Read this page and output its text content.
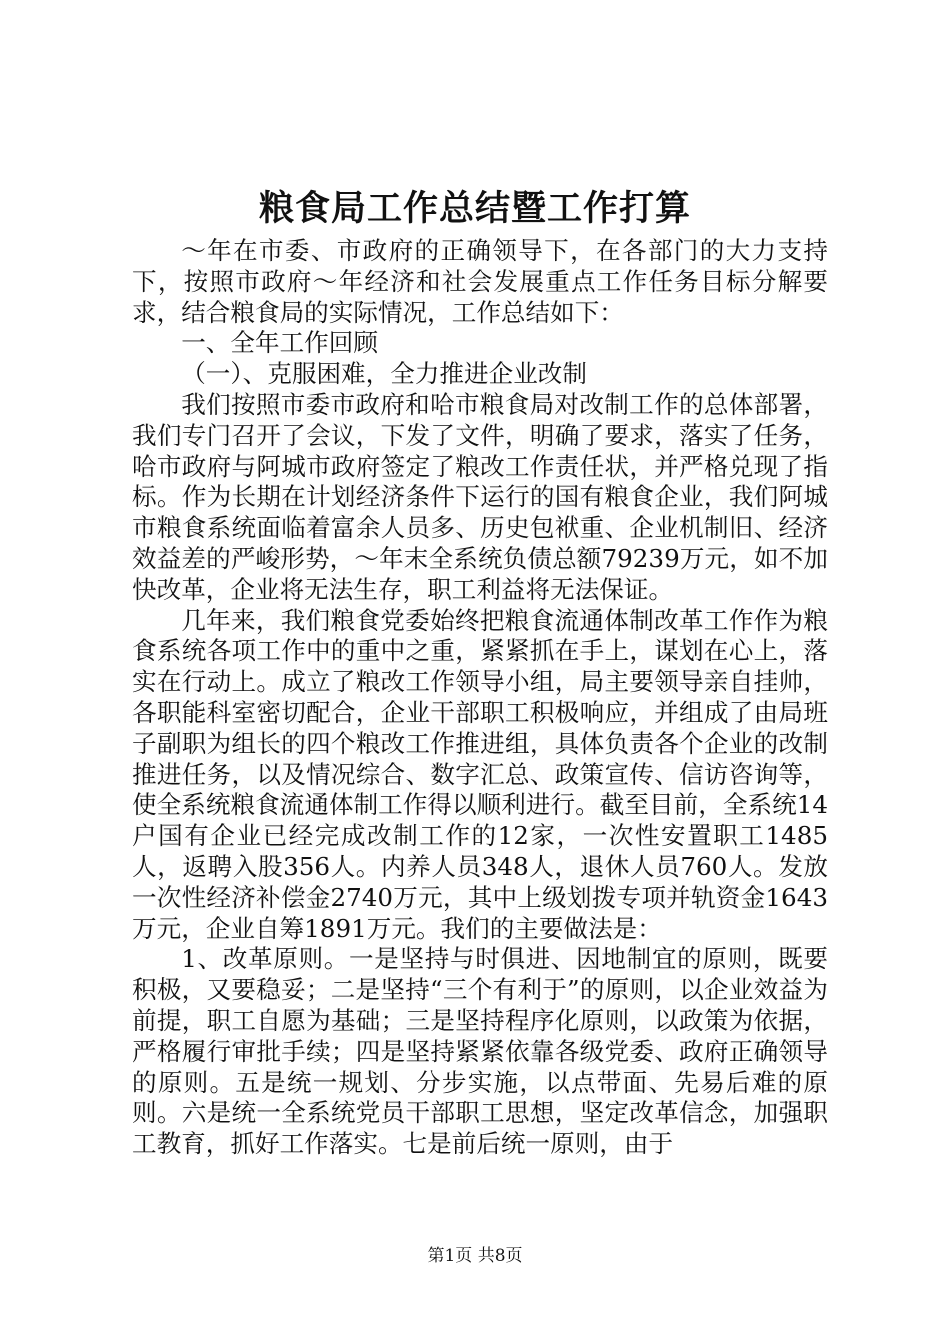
粮食局工作总结暨工作打算

～年在市委、市政府的正确领导下，在各部门的大力支持下，按照市政府～年经济和社会发展重点工作任务目标分解要求，结合粮食局的实际情况，工作总结如下：

一、全年工作回顾

（一）、克服困难，全力推进企业改制

我们按照市委市政府和哈市粮食局对改制工作的总体部署，我们专门召开了会议，下发了文件，明确了要求，落实了任务，哈市政府与阿城市政府签定了粮改工作责任状，并严格兑现了指标。作为长期在计划经济条件下运行的国有粮食企业，我们阿城市粮食系统面临着富余人员多、历史包袱重、企业机制旧、经济效益差的严峻形势，～年末全系统负债总额79239万元，如不加快改革，企业将无法生存，职工利益将无法保证。

几年来，我们粮食党委始终把粮食流通体制改革工作作为粮食系统各项工作中的重中之重，紧紧抓在手上，谋划在心上，落实在行动上。成立了粮改工作领导小组，局主要领导亲自挂帅，各职能科室密切配合，企业干部职工积极响应，并组成了由局班子副职为组长的四个粮改工作推进组，具体负责各个企业的改制推进任务，以及情况综合、数字汇总、政策宣传、信访咨询等，使全系统粮食流通体制工作得以顺利进行。截至目前，全系统14户国有企业已经完成改制工作的12家，一次性安置职工1485人，返聘入股356人。内养人员348人，退休人员760人。发放一次性经济补偿金2740万元，其中上级划拨专项并轨资金1643万元，企业自筹1891万元。我们的主要做法是：

1、改革原则。一是坚持与时俱进、因地制宜的原则，既要积极，又要稳妥；二是坚持“三个有利于”的原则，以企业效益为前提，职工自愿为基础；三是坚持程序化原则，以政策为依据，严格履行审批手续；四是坚持紧紧依靠各级党委、政府正确领导的原则。五是统一规划、分步实施，以点带面、先易后难的原则。六是统一全系统党员干部职工思想，坚定改革信念，加强职工教育，抓好工作落实。七是前后统一原则，由于

第1页 共8页
